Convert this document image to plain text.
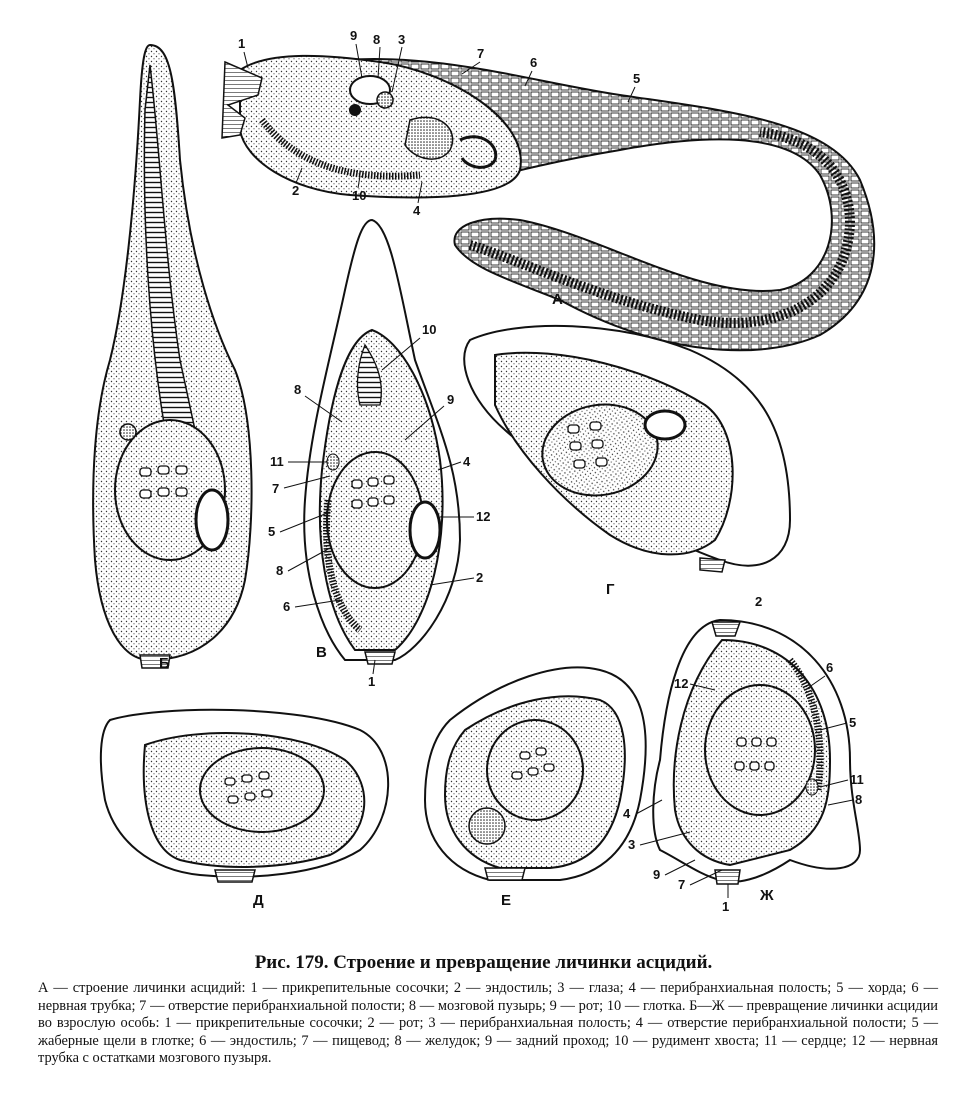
1
9 8 3
7
6
5
2	10
4
А
10
8
9
11
7
4
12
5
8	2
6
1
В
2
12
6
5
11
8
4
3
9
7
1
Ж
Б
Г
Д	Е
Рис. 179. Строение и превращение личинки асцидий.
А — строение личинки асцидий: 1 — прикрепительные сосочки; 2 — эндостиль; 3 — глаза; 4 — перибранхиальная полость; 5 — хорда; 6 — нервная трубка; 7 — отверстие перибранхиальной полости; 8 — мозговой пузырь; 9 — рот; 10 — глотка. Б—Ж — превращение личинки асцидии во взрослую особь: 1 — прикрепительные сосочки; 2 — рот; 3 — перибранхиальная полость; 4 — отверстие перибранхиальной полости; 5 — жаберные щели в глотке; 6 — эндостиль; 7 — пищевод; 8 — желудок; 9 — задний проход; 10 — рудимент хвоста; 11 — сердце; 12 — нервная трубка с остатками мозгового пузыря.
